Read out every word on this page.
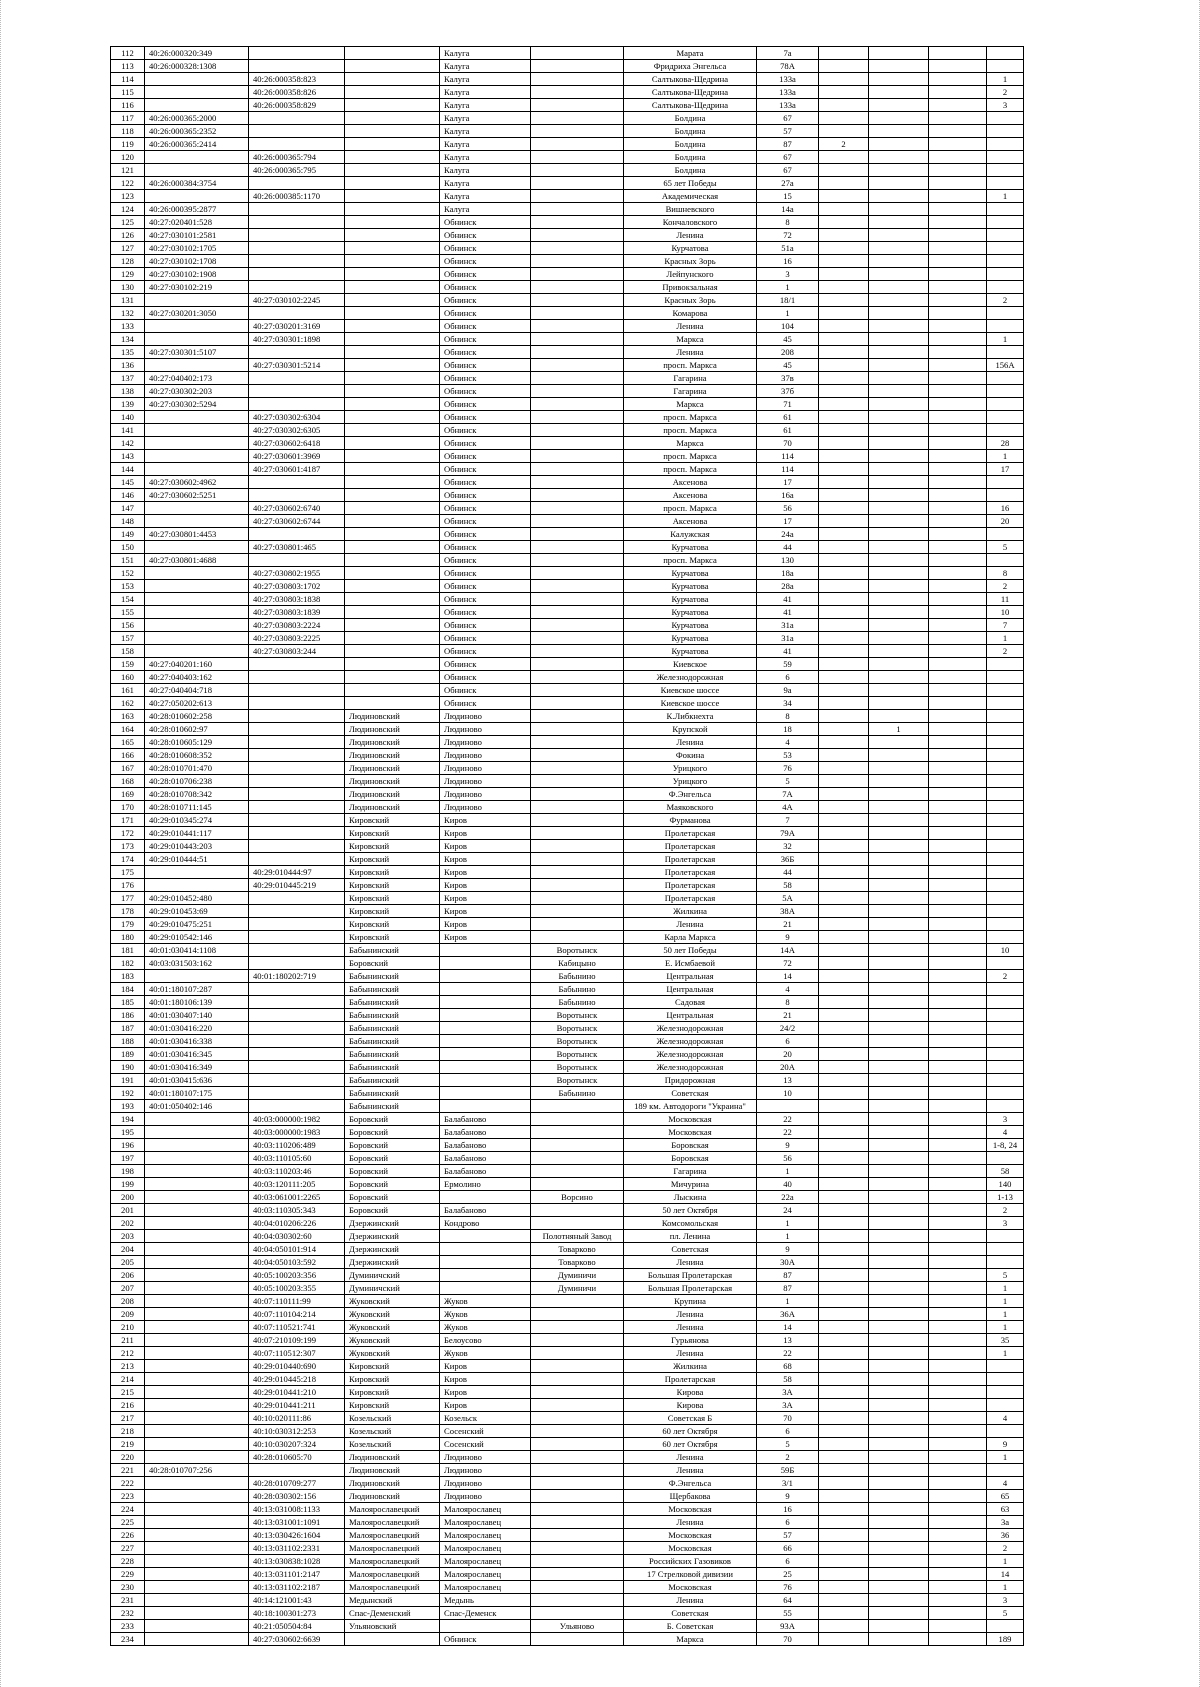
112	40:26:000320:349			Калуга		Марата	7а				
113	40:26:000328:1308			Калуга		Фридриха Энгельса	78А				
114		40:26:000358:823		Калуга		Салтыкова-Щедрина	133а				1
115		40:26:000358:826		Калуга		Салтыкова-Щедрина	133а				2
116		40:26:000358:829		Калуга		Салтыкова-Щедрина	133а				3
117	40:26:000365:2000			Калуга		Болдина	67				
118	40:26:000365:2352			Калуга		Болдина	57				
119	40:26:000365:2414			Калуга		Болдина	87	2			
120		40:26:000365:794		Калуга		Болдина	67				
121		40:26:000365:795		Калуга		Болдина	67				
122	40:26:000384:3754			Калуга		65 лет Победы	27а				
123		40:26:000385:1170		Калуга		Академическая	15				1
124	40:26:000395:2877			Калуга		Вишневского	14а				
125	40:27:020401:528			Обнинск		Кончаловского	8				
126	40:27:030101:2581			Обнинск		Ленина	72				
127	40:27:030102:1705			Обнинск		Курчатова	51а				
128	40:27:030102:1708			Обнинск		Красных Зорь	16				
129	40:27:030102:1908			Обнинск		Лейпунского	3				
130	40:27:030102:219			Обнинск		Привокзальная	1				
131		40:27:030102:2245		Обнинск		Красных Зорь	18/1				2
132	40:27:030201:3050			Обнинск		Комарова	1				
133		40:27:030201:3169		Обнинск		Ленина	104				
134		40:27:030301:1898		Обнинск		Маркса	45				1
135	40:27:030301:5107			Обнинск		Ленина	208				
136		40:27:030301:5214		Обнинск		просп. Маркса	45				156А
137	40:27:040402:173			Обнинск		Гагарина	37в				
138	40:27:030302:203			Обнинск		Гагарина	37б				
139	40:27:030302:5294			Обнинск		Маркса	71				
140		40:27:030302:6304		Обнинск		просп. Маркса	61				
141		40:27:030302:6305		Обнинск		просп. Маркса	61				
142		40:27:030602:6418		Обнинск		Маркса	70				28
143		40:27:030601:3969		Обнинск		просп. Маркса	114				1
144		40:27:030601:4187		Обнинск		просп. Маркса	114				17
145	40:27:030602:4962			Обнинск		Аксенова	17				
146	40:27:030602:5251			Обнинск		Аксенова	16а				
147		40:27:030602:6740		Обнинск		просп. Маркса	56				16
148		40:27:030602:6744		Обнинск		Аксенова	17				20
149	40:27:030801:4453			Обнинск		Калужская	24а				
150		40:27:030801:465		Обнинск		Курчатова	44				5
151	40:27:030801:4688			Обнинск		просп. Маркса	130				
152		40:27:030802:1955		Обнинск		Курчатова	18а				8
153		40:27:030803:1702		Обнинск		Курчатова	28а				2
154		40:27:030803:1838		Обнинск		Курчатова	41				11
155		40:27:030803:1839		Обнинск		Курчатова	41				10
156		40:27:030803:2224		Обнинск		Курчатова	31а				7
157		40:27:030803:2225		Обнинск		Курчатова	31а				1
158		40:27:030803:244		Обнинск		Курчатова	41				2
159	40:27:040201:160			Обнинск		Киевское	59				
160	40:27:040403:162			Обнинск		Железнодорожная	6				
161	40:27:040404:718			Обнинск		Киевское шоссе	9а				
162	40:27:050202:613			Обнинск		Киевское шоссе	34				
163	40:28:010602:258		Людиновский	Людиново		К.Либкнехта	8				
164	40:28:010602:97		Людиновский	Людиново		Крупской	18		1		
165	40:28:010605:129		Людиновский	Людиново		Ленина	4				
166	40:28:010608:352		Людиновский	Людиново		Фокина	53				
167	40:28:010701:470		Людиновский	Людиново		Урицкого	76				
168	40:28:010706:238		Людиновский	Людиново		Урицкого	5				
169	40:28:010708:342		Людиновский	Людиново		Ф.Энгельса	7А				
170	40:28:010711:145		Людиновский	Людиново		Маяковского	4А				
171	40:29:010345:274		Кировский	Киров		Фурманова	7				
172	40:29:010441:117		Кировский	Киров		Пролетарская	79А				
173	40:29:010443:203		Кировский	Киров		Пролетарская	32				
174	40:29:010444:51		Кировский	Киров		Пролетарская	36Б				
175		40:29:010444:97	Кировский	Киров		Пролетарская	44				
176		40:29:010445:219	Кировский	Киров		Пролетарская	58				
177	40:29:010452:480		Кировский	Киров		Пролетарская	5А				
178	40:29:010453:69		Кировский	Киров		Жилкина	38А				
179	40:29:010475:251		Кировский	Киров		Ленина	21				
180	40:29:010542:146		Кировский	Киров		Карла Маркса	9				
181	40:01:030414:1108		Бабынинский		Воротынск	50 лет Победы	14А				10
182	40:03:031503:162		Боровский		Кабицыно	Е. Исмбаевой	72				
183		40:01:180202:719	Бабынинский		Бабынино	Центральная	14				2
184	40:01:180107:287		Бабынинский		Бабынино	Центральная	4				
185	40:01:180106:139		Бабынинский		Бабынино	Садовая	8				
186	40:01:030407:140		Бабынинский		Воротынск	Центральная	21				
187	40:01:030416:220		Бабынинский		Воротынск	Железнодорожная	24/2				
188	40:01:030416:338		Бабынинский		Воротынск	Железнодорожная	6				
189	40:01:030416:345		Бабынинский		Воротынск	Железнодорожная	20				
190	40:01:030416:349		Бабынинский		Воротынск	Железнодорожная	20А				
191	40:01:030415:636		Бабынинский		Воротынск	Придорожная	13				
192	40:01:180107:175		Бабынинский		Бабынино	Советская	10				
193	40:01:050402:146		Бабынинский			189 км. Автодороги "Украина"					
194		40:03:000000:1982	Боровский	Балабаново		Московская	22				3
195		40:03:000000:1983	Боровский	Балабаново		Московская	22				4
196		40:03:110206:489	Боровский	Балабаново		Боровская	9				1-8, 24
197		40:03:110105:60	Боровский	Балабаново		Боровская	56				
198		40:03:110203:46	Боровский	Балабаново		Гагарина	1				58
199		40:03:120111:205	Боровский	Ермолино		Мичурина	40				140
200		40:03:061001:2265	Боровский		Ворсино	Лыскина	22а				1-13
201		40:03:110305:343	Боровский	Балабаново		50 лет Октября	24				2
202		40:04:010206:226	Дзержинский	Кондрово		Комсомольская	1				3
203		40:04:030302:60	Дзержинский		Полотняный Завод	пл. Ленина	1				
204		40:04:050101:914	Дзержинский		Товарково	Советская	9				
205		40:04:050103:592	Дзержинский		Товарково	Ленина	30А				
206		40:05:100203:356	Думиничский		Думиничи	Большая Пролетарская	87				5
207		40:05:100203:355	Думиничский		Думиничи	Большая Пролетарская	87				1
208		40:07:110111:99	Жуковский	Жуков		Крупина	1				1
209		40:07:110104:214	Жуковский	Жуков		Ленина	36А				1
210		40:07:110521:741	Жуковский	Жуков		Ленина	14				1
211		40:07:210109:199	Жуковский	Белоусово		Гурьянова	13				35
212		40:07:110512:307	Жуковский	Жуков		Ленина	22				1
213		40:29:010440:690	Кировский	Киров		Жилкина	68				
214		40:29:010445:218	Кировский	Киров		Пролетарская	58				
215		40:29:010441:210	Кировский	Киров		Кирова	3А				
216		40:29:010441:211	Кировский	Киров		Кирова	3А				
217		40:10:020111:86	Козельский	Козельск		Советская Б	70				4
218		40:10:030312:253	Козельский	Сосенский		60 лет Октября	6				
219		40:10:030207:324	Козельский	Сосенский		60 лет Октября	5				9
220		40:28:010605:70	Людиновский	Людиново		Ленина	2				1
221	40:28:010707:256		Людиновский	Людиново		Ленина	59Б				
222		40:28:010709:277	Людиновский	Людиново		Ф.Энгельса	3/1				4
223		40:28:030302:156	Людиновский	Людиново		Щербакова	9				65
224		40:13:031008:1133	Малоярославецкий	Малоярославец		Московская	16				63
225		40:13:031001:1091	Малоярославецкий	Малоярославец		Ленина	6				3а
226		40:13:030426:1604	Малоярославецкий	Малоярославец		Московская	57				36
227		40:13:031102:2331	Малоярославецкий	Малоярославец		Московская	66				2
228		40:13:030838:1028	Малоярославецкий	Малоярославец		Российских Газовиков	6				1
229		40:13:031101:2147	Малоярославецкий	Малоярославец		17 Стрелковой дивизии	25				14
230		40:13:031102:2187	Малоярославецкий	Малоярославец		Московская	76				1
231		40:14:121001:43	Медынский	Медынь		Ленина	64				3
232		40:18:100301:273	Спас-Деменский	Спас-Деменск		Советская	55				5
233		40:21:050504:84	Ульяновский		Ульяново	Б. Советская	93А				
234		40:27:030602:6639		Обнинск		Маркса	70				189
